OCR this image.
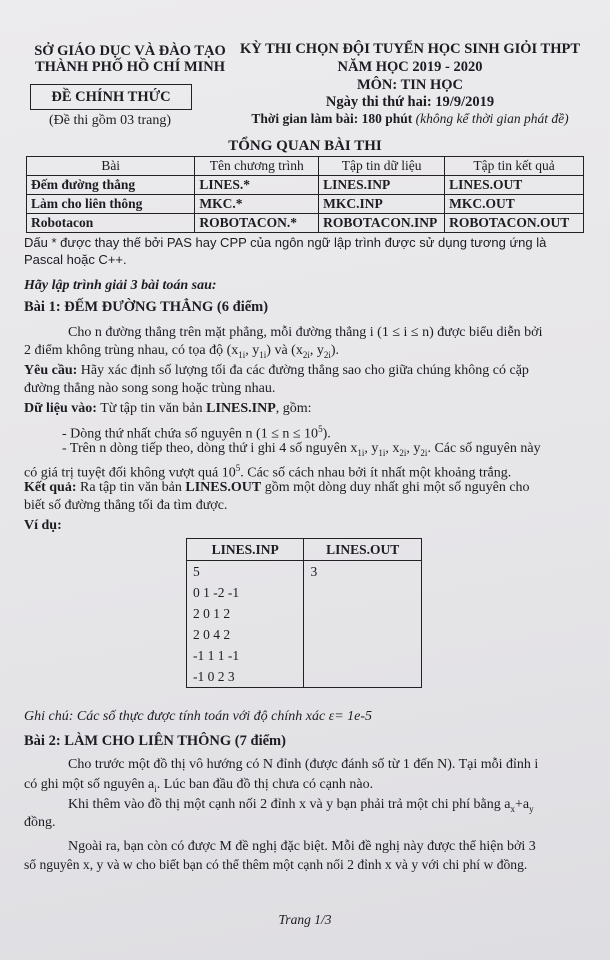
SỞ GIÁO DỤC VÀ ĐÀO TẠO
THÀNH PHỐ HỒ CHÍ MINH
ĐỀ CHÍNH THỨC
(Đề thi gồm 03 trang)
KỲ THI CHỌN ĐỘI TUYỂN HỌC SINH GIỎI THPT
NĂM HỌC 2019 - 2020
MÔN: TIN HỌC
Ngày thi thứ hai: 19/9/2019
Thời gian làm bài: 180 phút (không kể thời gian phát đề)
TỔNG QUAN BÀI THI
Bài	Tên chương trình	Tập tin dữ liệu	Tập tin kết quả
Đếm đường thẳng	LINES.*	LINES.INP	LINES.OUT
Làm cho liên thông	MKC.*	MKC.INP	MKC.OUT
Robotacon	ROBOTACON.*	ROBOTACON.INP	ROBOTACON.OUT
Dấu * được thay thế bởi PAS hay CPP của ngôn ngữ lập trình được sử dụng tương ứng là
Pascal hoặc C++.
Hãy lập trình giải 3 bài toán sau:
Bài 1: ĐẾM ĐƯỜNG THẲNG (6 điểm)
Cho n đường thẳng trên mặt phẳng, mỗi đường thẳng i (1 ≤ i ≤ n) được biểu diễn bởi
2 điểm không trùng nhau, có tọa độ ($x_{1i}$, $y_{1i}$) và ($x_{2i}$, $y_{2i}$).
Yêu cầu: Hãy xác định số lượng tối đa các đường thẳng sao cho giữa chúng không có cặp
đường thẳng nào song song hoặc trùng nhau.
Dữ liệu vào: Từ tập tin văn bản LINES.INP, gồm:
- Dòng thứ nhất chứa số nguyên n $(1 \le n \le 10^5)$.
- Trên n dòng tiếp theo, dòng thứ i ghi 4 số nguyên $x_{1i}$, $y_{1i}$, $x_{2i}$, $y_{2i}$. Các số nguyên này
có giá trị tuyệt đối không vượt quá $10^5$. Các số cách nhau bởi ít nhất một khoảng trắng.
Kết quả: Ra tập tin văn bản LINES.OUT gồm một dòng duy nhất ghi một số nguyên cho
biết số đường thẳng tối đa tìm được.
Ví dụ:
LINES.INP	LINES.OUT
5	3
0 1 -2 -1	
2 0 1 2	
2 0 4 2	
-1 1 1 -1	
-1 0 2 3	
Ghi chú: Các số thực được tính toán với độ chính xác ε= 1e-5
Bài 2: LÀM CHO LIÊN THÔNG (7 điểm)
Cho trước một đồ thị vô hướng có N đỉnh (được đánh số từ 1 đến N). Tại mỗi đỉnh i
có ghi một số nguyên $a_i$. Lúc ban đầu đồ thị chưa có cạnh nào.
Khi thêm vào đồ thị một cạnh nối 2 đỉnh x và y bạn phải trả một chi phí bằng $a_x+a_y$
đồng.
Ngoài ra, bạn còn có được M đề nghị đặc biệt. Mỗi đề nghị này được thể hiện bởi 3
số nguyên x, y và w cho biết bạn có thể thêm một cạnh nối 2 đỉnh x và y với chi phí w đồng.
Trang 1/3
